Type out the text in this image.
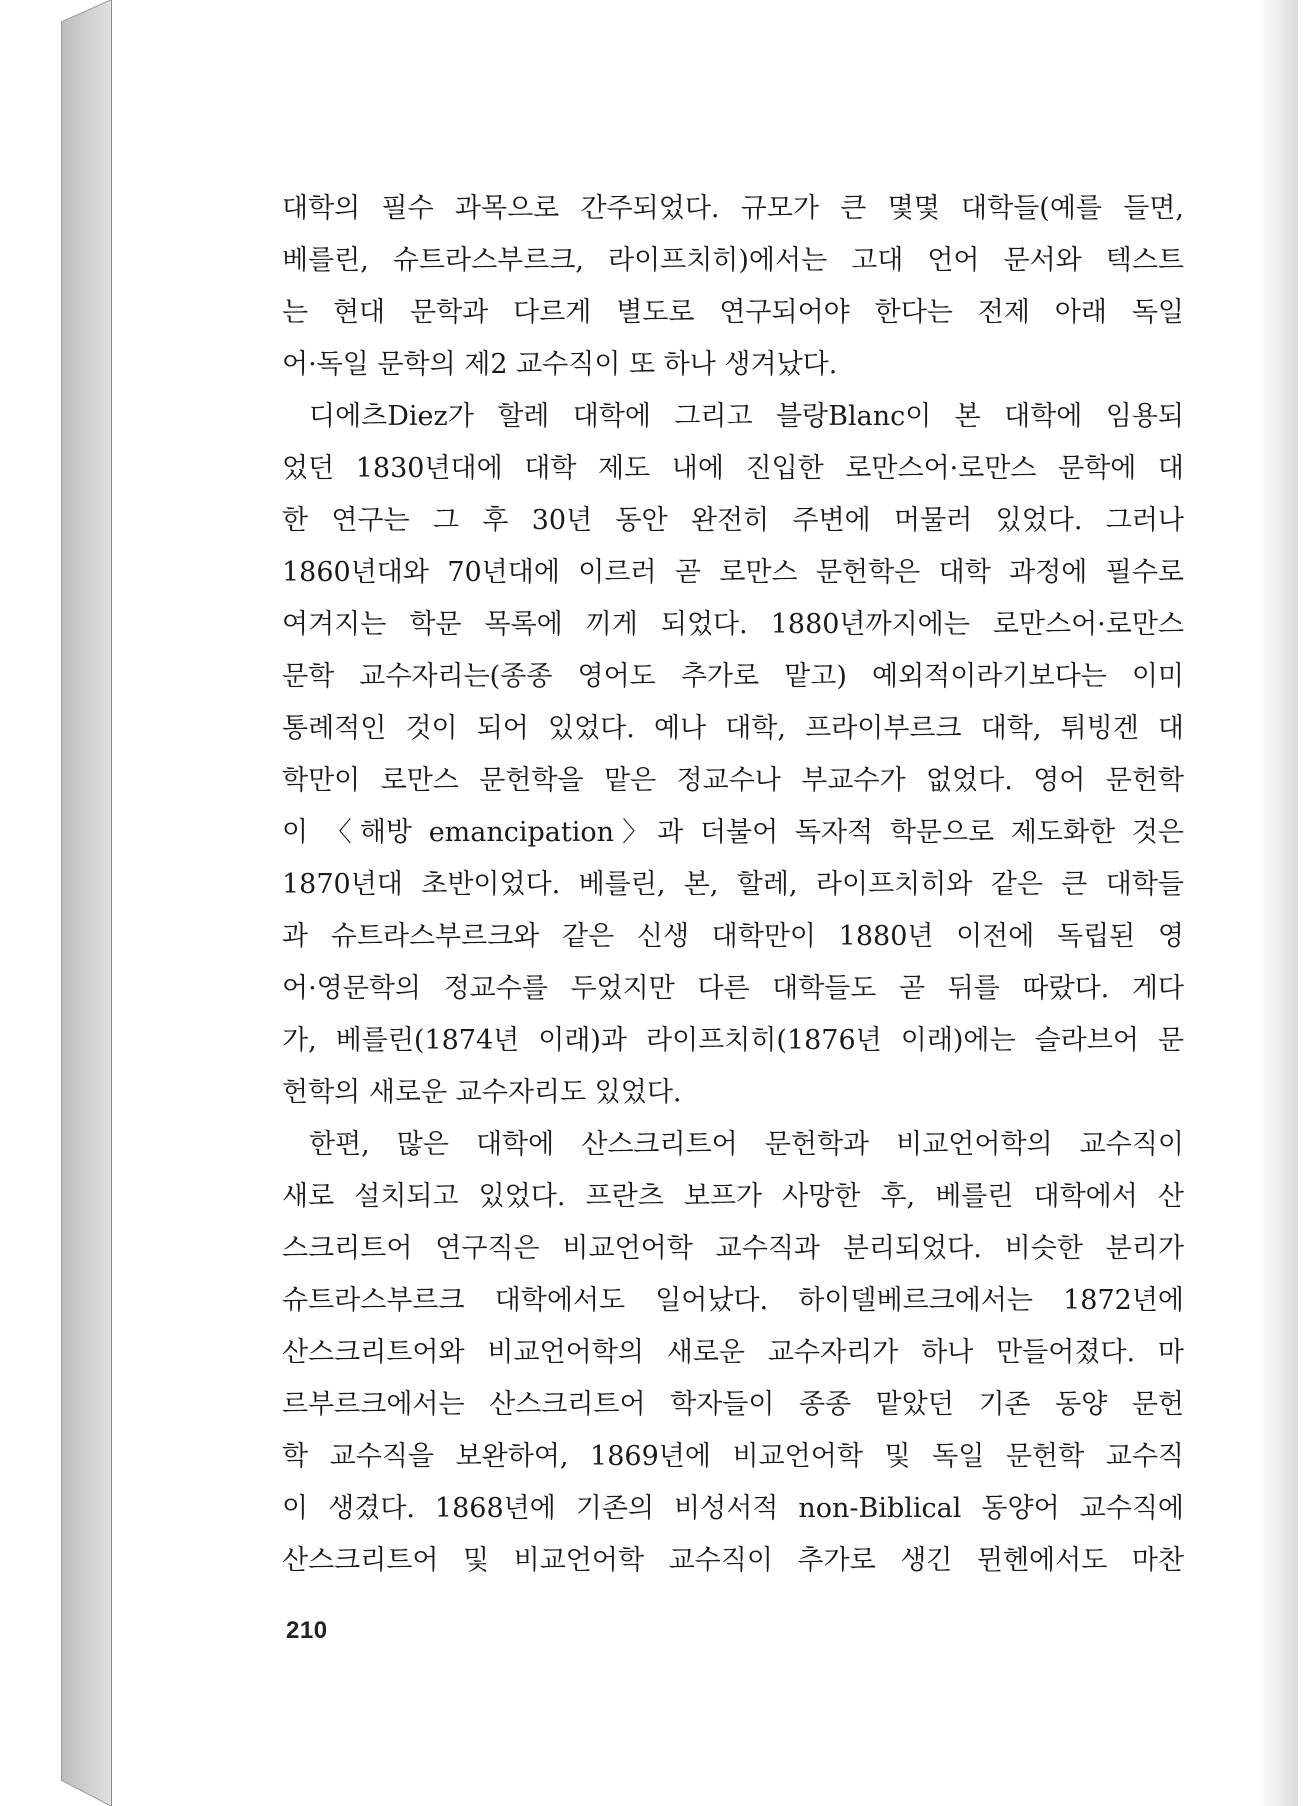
대학의 필수 과목으로 간주되었다. 규모가 큰 몇몇 대학들(예를 들면,
베를린, 슈트라스부르크, 라이프치히)에서는 고대 언어 문서와 텍스트
는 현대 문학과 다르게 별도로 연구되어야 한다는 전제 아래 독일
어·독일 문학의 제2 교수직이 또 하나 생겨났다.
디에츠Diez가 할레 대학에 그리고 블랑Blanc이 본 대학에 임용되
었던 1830년대에 대학 제도 내에 진입한 로만스어·로만스 문학에 대
한 연구는 그 후 30년 동안 완전히 주변에 머물러 있었다. 그러나
1860년대와 70년대에 이르러 곧 로만스 문헌학은 대학 과정에 필수로
여겨지는 학문 목록에 끼게 되었다. 1880년까지에는 로만스어·로만스
문학 교수자리는(종종 영어도 추가로 맡고) 예외적이라기보다는 이미
통례적인 것이 되어 있었다. 예나 대학, 프라이부르크 대학, 튀빙겐 대
학만이 로만스 문헌학을 맡은 정교수나 부교수가 없었다. 영어 문헌학
이 〈해방 emancipation〉과 더불어 독자적 학문으로 제도화한 것은
1870년대 초반이었다. 베를린, 본, 할레, 라이프치히와 같은 큰 대학들
과 슈트라스부르크와 같은 신생 대학만이 1880년 이전에 독립된 영
어·영문학의 정교수를 두었지만 다른 대학들도 곧 뒤를 따랐다. 게다
가, 베를린(1874년 이래)과 라이프치히(1876년 이래)에는 슬라브어 문
헌학의 새로운 교수자리도 있었다.
한편, 많은 대학에 산스크리트어 문헌학과 비교언어학의 교수직이
새로 설치되고 있었다. 프란츠 보프가 사망한 후, 베를린 대학에서 산
스크리트어 연구직은 비교언어학 교수직과 분리되었다. 비슷한 분리가
슈트라스부르크 대학에서도 일어났다. 하이델베르크에서는 1872년에
산스크리트어와 비교언어학의 새로운 교수자리가 하나 만들어졌다. 마
르부르크에서는 산스크리트어 학자들이 종종 맡았던 기존 동양 문헌
학 교수직을 보완하여, 1869년에 비교언어학 및 독일 문헌학 교수직
이 생겼다. 1868년에 기존의 비성서적 non-Biblical 동양어 교수직에
산스크리트어 및 비교언어학 교수직이 추가로 생긴 뮌헨에서도 마찬
210
